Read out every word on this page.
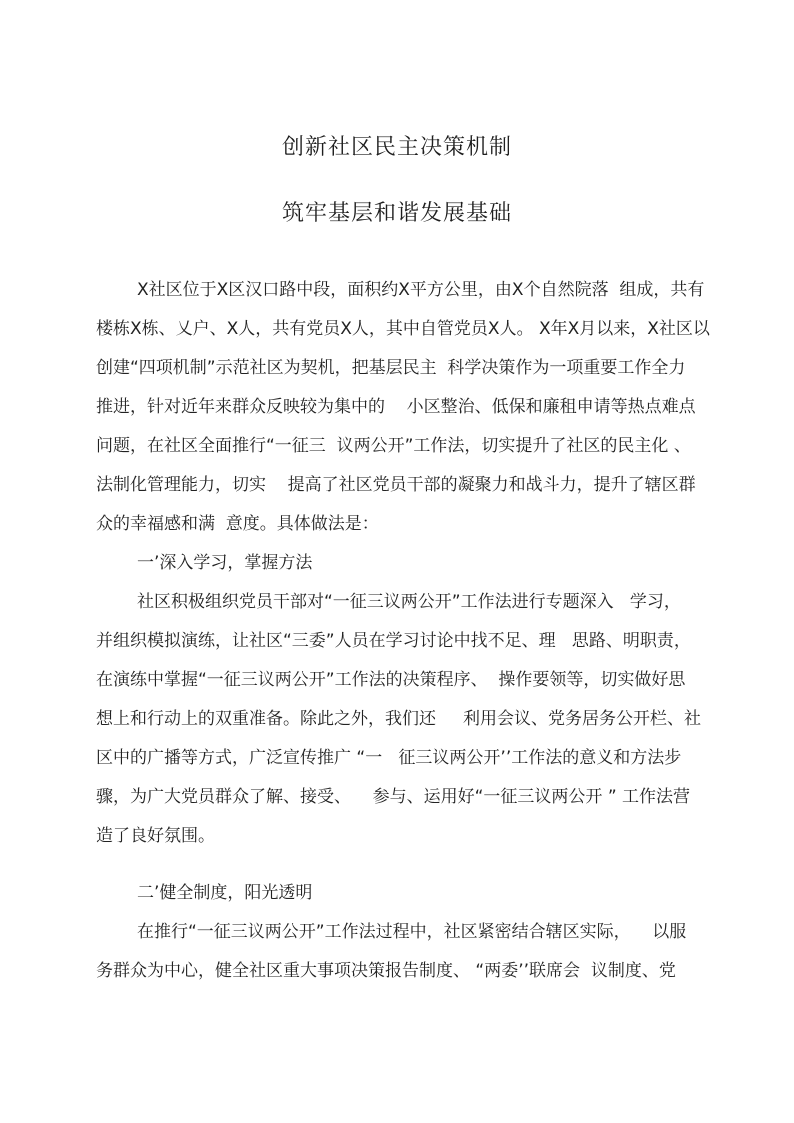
创新社区民主决策机制
筑牢基层和谐发展基础
X社区位于X区汉口路中段，面积约X平方公里，由X个自然院落  组成，共有
楼栋X栋、乂户、X人，共有党员X人，其中自管党员X人。 X年X月以来，X社区以
创建“四项机制”示范社区为契机，把基层民主  科学决策作为一项重要工作全力
推进，针对近年来群众反映较为集中的    小区整治、低保和廉租申请等热点难点
问题，在社区全面推行“一征三  议两公开”工作法，切实提升了社区的民主化 、
法制化管理能力，切实    提高了社区党员干部的凝聚力和战斗力，提升了辖区群
众的幸福感和满  意度。具体做法是：
一’深入学习，掌握方法
社区积极组织党员干部对“一征三议两公开”工作法进行专题深入   学习，
并组织模拟演练，让社区“三委”人员在学习讨论中找不足、理   思路、明职责，
在演练中掌握“一征三议两公开”工作法的决策程序、  操作要领等，切实做好思
想上和行动上的双重准备。除此之外，我们还     利用会议、党务居务公开栏、社
区中的广播等方式，广泛宣传推广 “一   征三议两公开’’工作法的意义和方法步
骤，为广大党员群众了解、接受、    参与、运用好“一征三议两公开 ” 工作法营
造了良好氛围。
二’健全制度，阳光透明
在推行“一征三议两公开”工作法过程中，社区紧密结合辖区实际，    以服
务群众为中心，健全社区重大事项决策报告制度、 “两委’’联席会  议制度、党
